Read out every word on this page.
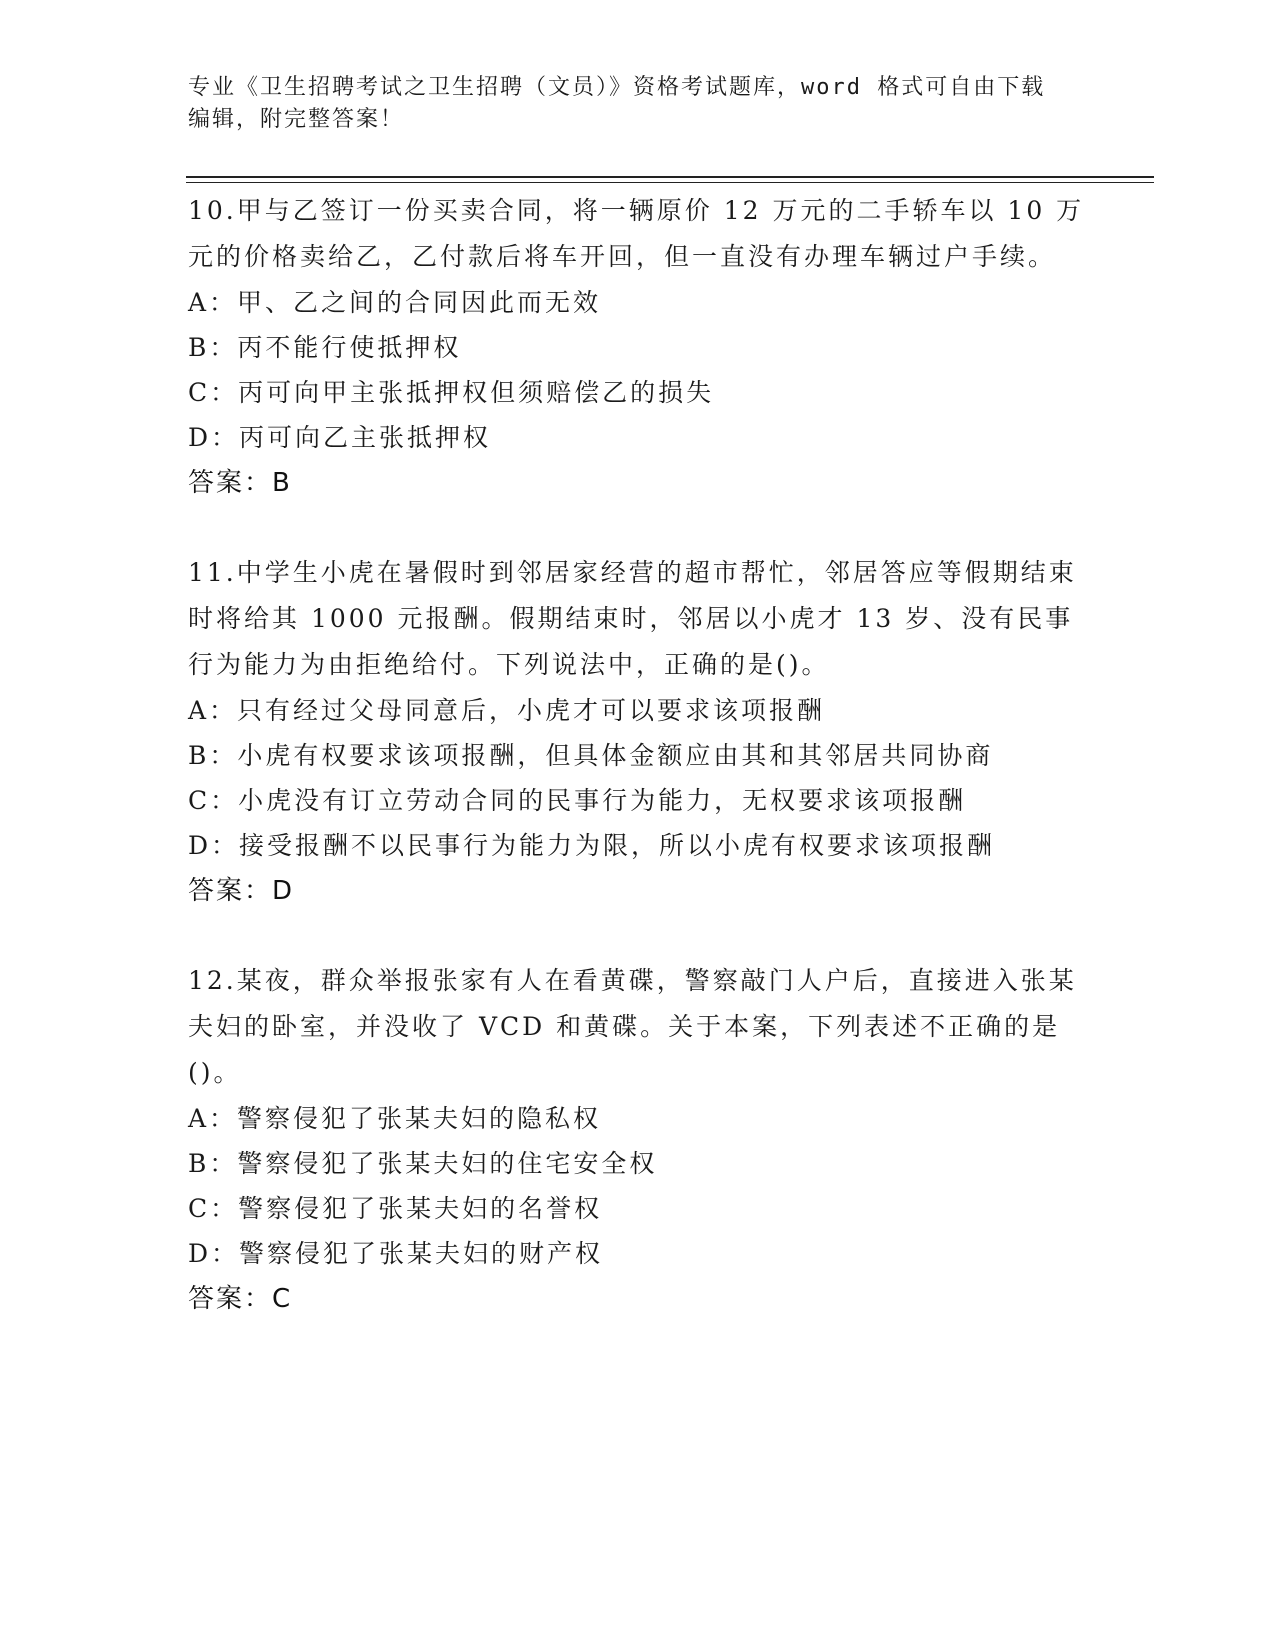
专业《卫生招聘考试之卫生招聘（文员）》资格考试题库，word 格式可自由下载编辑，附完整答案！
10.甲与乙签订一份买卖合同，将一辆原价 12 万元的二手轿车以 10 万元的价格卖给乙，乙付款后将车开回，但一直没有办理车辆过户手续。
A：甲、乙之间的合同因此而无效
B：丙不能行使抵押权
C：丙可向甲主张抵押权但须赔偿乙的损失
D：丙可向乙主张抵押权
答案：B
11.中学生小虎在暑假时到邻居家经营的超市帮忙，邻居答应等假期结束时将给其 1000 元报酬。假期结束时，邻居以小虎才 13 岁、没有民事行为能力为由拒绝给付。下列说法中，正确的是()。
A：只有经过父母同意后，小虎才可以要求该项报酬
B：小虎有权要求该项报酬，但具体金额应由其和其邻居共同协商
C：小虎没有订立劳动合同的民事行为能力，无权要求该项报酬
D：接受报酬不以民事行为能力为限，所以小虎有权要求该项报酬
答案：D
12.某夜，群众举报张家有人在看黄碟，警察敲门人户后，直接进入张某夫妇的卧室，并没收了 VCD 和黄碟。关于本案，下列表述不正确的是()。
A：警察侵犯了张某夫妇的隐私权
B：警察侵犯了张某夫妇的住宅安全权
C：警察侵犯了张某夫妇的名誉权
D：警察侵犯了张某夫妇的财产权
答案：C
